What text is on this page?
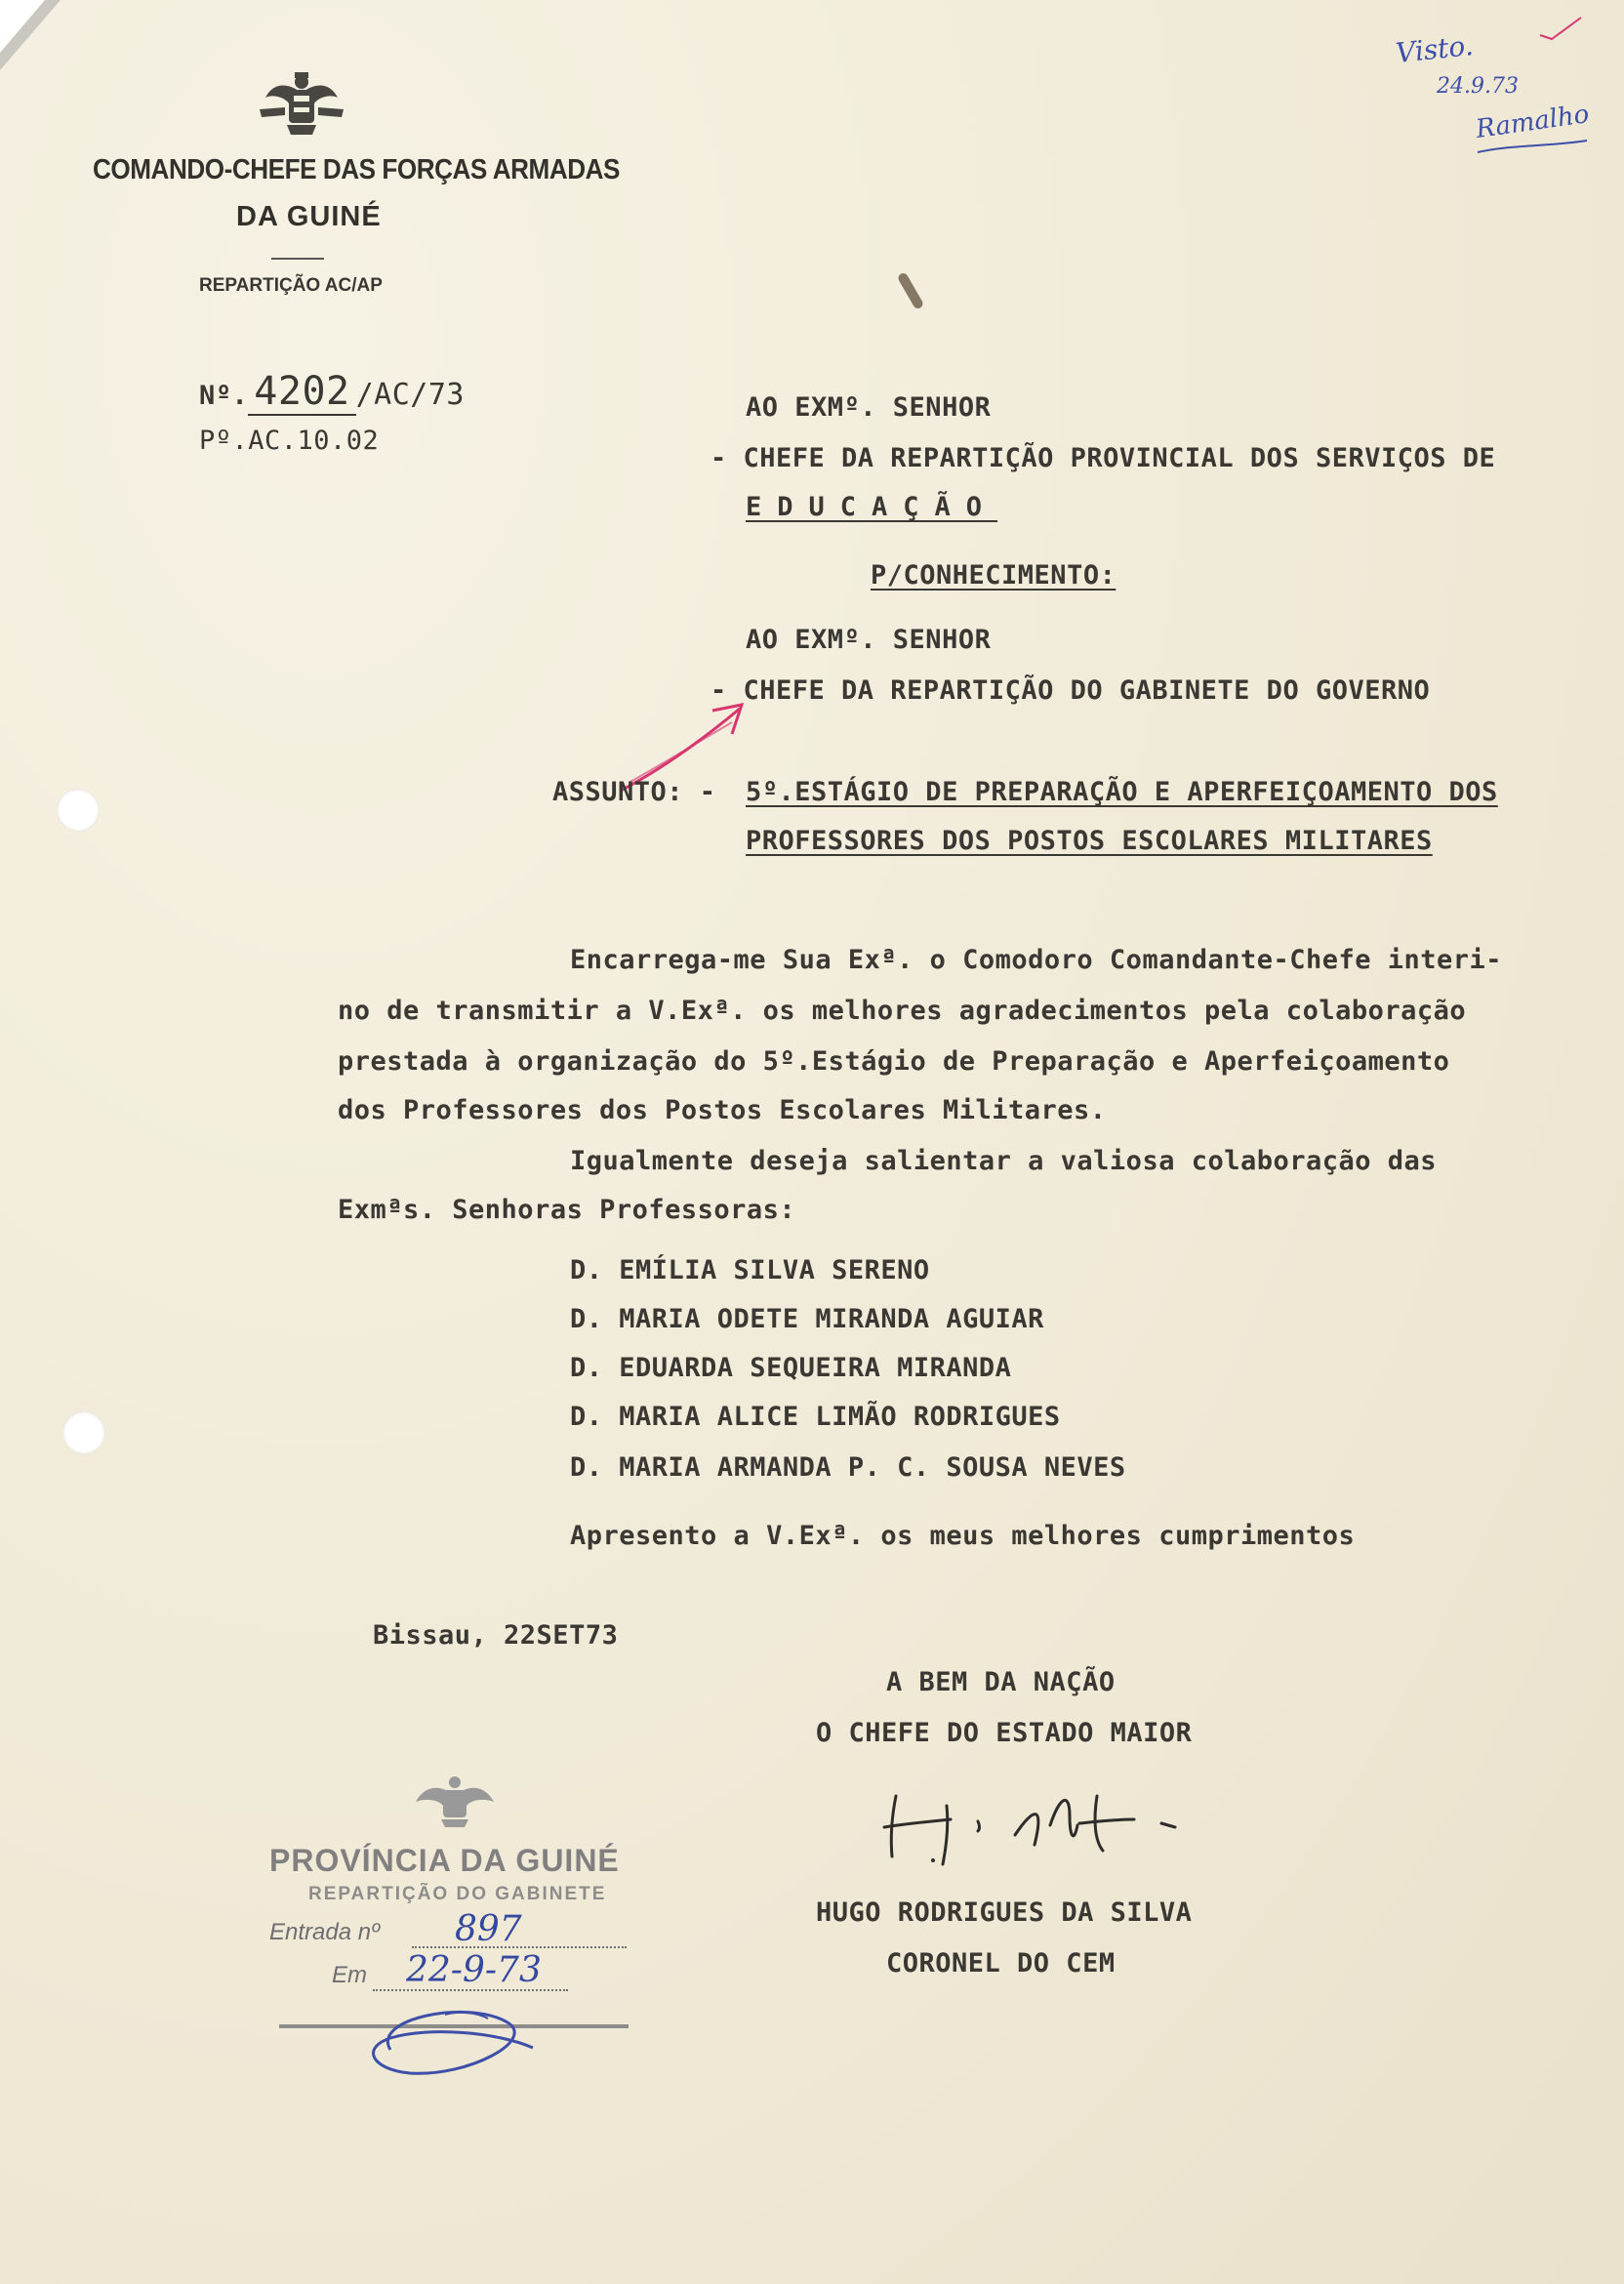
COMANDO-CHEFE DAS FORÇAS ARMADAS
DA GUINÉ
REPARTIÇÃO AC/AP
Nº. 4202 /AC/73
Pº.AC.10.02
Visto.
24.9.73
Ramalho
AO EXMº. SENHOR
- CHEFE DA REPARTIÇÃO PROVINCIAL DOS SERVIÇOS DE
EDUCAÇÃO
P/CONHECIMENTO:
AO EXMº. SENHOR
- CHEFE DA REPARTIÇÃO DO GABINETE DO GOVERNO
ASSUNTO: - 5º.ESTÁGIO DE PREPARAÇÃO E APERFEIÇOAMENTO DOS
PROFESSORES DOS POSTOS ESCOLARES MILITARES
Encarrega-me Sua Exª. o Comodoro Comandante-Chefe interi-
no de transmitir a V.Exª. os melhores agradecimentos pela colaboração
prestada à organização do 5º.Estágio de Preparação e Aperfeiçoamento
dos Professores dos Postos Escolares Militares.
Igualmente deseja salientar a valiosa colaboração das
Exmªs. Senhoras Professoras:
D. EMÍLIA SILVA SERENO
D. MARIA ODETE MIRANDA AGUIAR
D. EDUARDA SEQUEIRA MIRANDA
D. MARIA ALICE LIMÃO RODRIGUES
D. MARIA ARMANDA P. C. SOUSA NEVES
Apresento a V.Exª. os meus melhores cumprimentos
Bissau, 22SET73
A BEM DA NAÇÃO
O CHEFE DO ESTADO MAIOR
HUGO RODRIGUES DA SILVA
CORONEL DO CEM
PROVÍNCIA DA GUINÉ
REPARTIÇÃO DO GABINETE
Entrada nº 897
Em 22-9-73
